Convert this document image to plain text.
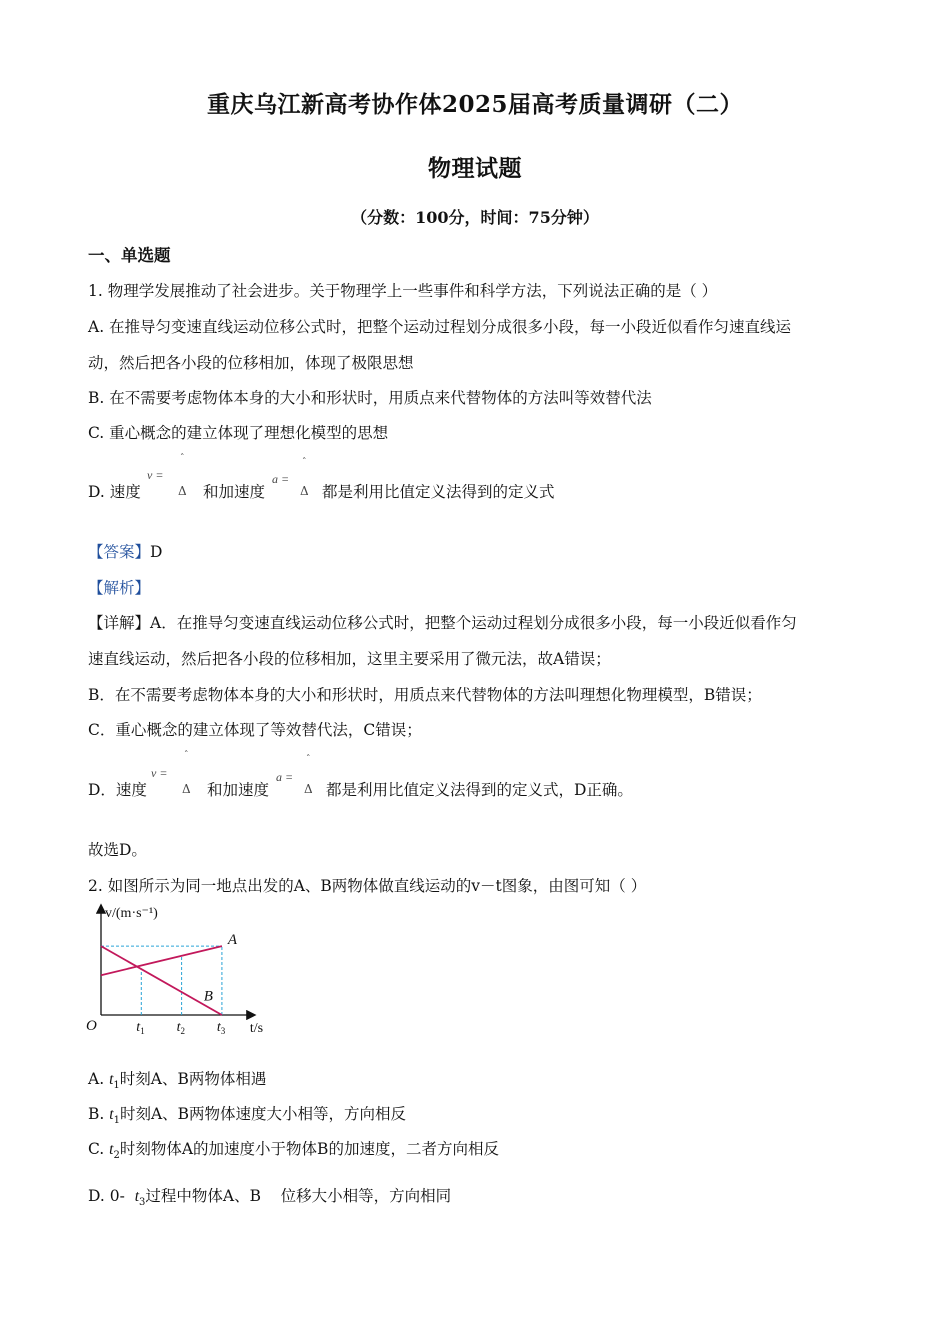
重庆乌江新高考协作体2025届高考质量调研（二）
物理试题
（分数：100分，时间：75分钟）
一、单选题
1. 物理学发展推动了社会进步。关于物理学上一些事件和科学方法，下列说法正确的是（ ）
A. 在推导匀变速直线运动位移公式时，把整个运动过程划分成很多小段，每一小段近似看作匀速直线运
动，然后把各小段的位移相加，体现了极限思想
B. 在不需要考虑物体本身的大小和形状时，用质点来代替物体的方法叫等效替代法
C. 重心概念的建立体现了理想化模型的思想
D. 速度
v =
ˆ
Δ 和加速度
a =
ˆ
Δ 都是利用比值定义法得到的定义式
【答案】D
【解析】
【详解】A．在推导匀变速直线运动位移公式时，把整个运动过程划分成很多小段，每一小段近似看作匀
速直线运动，然后把各小段的位移相加，这里主要采用了微元法，故A错误；
B．在不需要考虑物体本身的大小和形状时，用质点来代替物体的方法叫理想化物理模型，B错误；
C．重心概念的建立体现了等效替代法，C错误；
D．速度
v =
ˆ
Δ 和加速度
a =
ˆ
Δ 都是利用比值定义法得到的定义式，D正确。
故选D。
2. 如图所示为同一地点出发的A、B两物体做直线运动的v－t图象，由图可知（ ）
A
B
O	$t_1$ $t_2$ $t_3$ t/s
v/(m·s⁻¹)
A. $t_1$时刻A、B两物体相遇
B. $t_1$时刻A、B两物体速度大小相等，方向相反
C. $t_2$时刻物体A的加速度小于物体B的加速度，二者方向相反
D. 0-  $t_3$过程中物体A、B    位移大小相等，方向相同
